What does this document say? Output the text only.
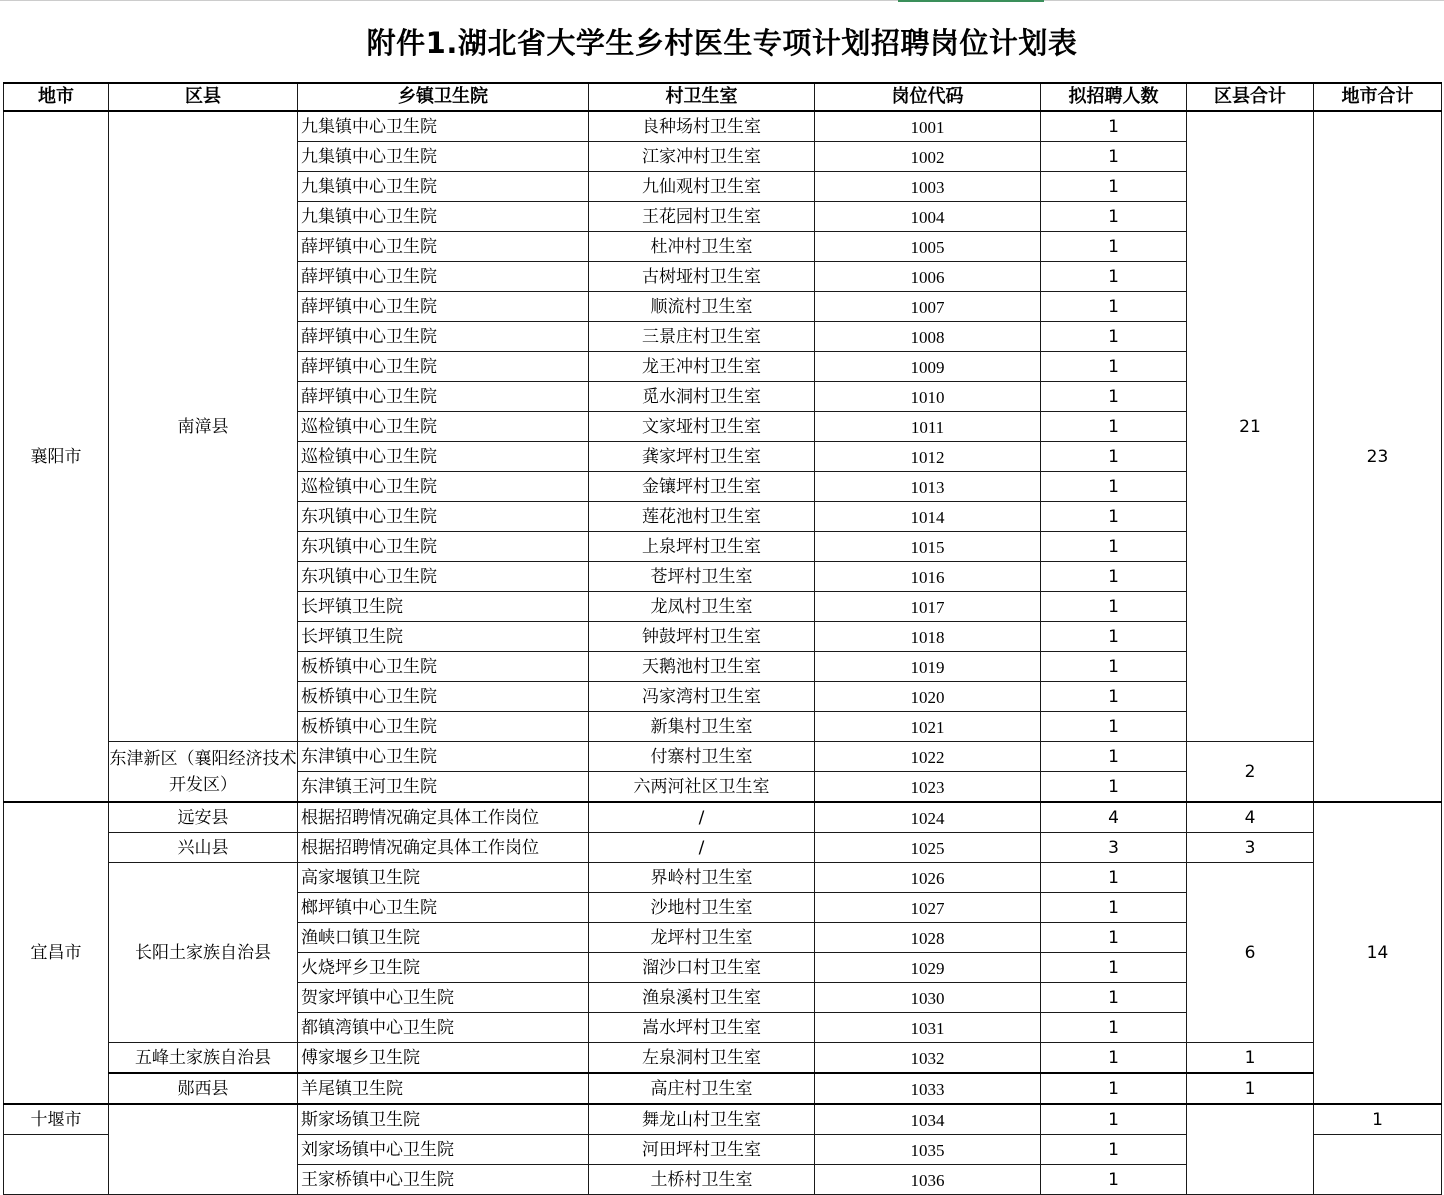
附件1.湖北省大学生乡村医生专项计划招聘岗位计划表
地市	区县	乡镇卫生院	村卫生室	岗位代码	拟招聘人数	区县合计	地市合计
襄阳市	南漳县	九集镇中心卫生院	良种场村卫生室	1001	1	21	23
		九集镇中心卫生院	江家冲村卫生室	1002	1		
		九集镇中心卫生院	九仙观村卫生室	1003	1		
		九集镇中心卫生院	王花园村卫生室	1004	1		
		薛坪镇中心卫生院	杜冲村卫生室	1005	1		
		薛坪镇中心卫生院	古树垭村卫生室	1006	1		
		薛坪镇中心卫生院	顺流村卫生室	1007	1		
		薛坪镇中心卫生院	三景庄村卫生室	1008	1		
		薛坪镇中心卫生院	龙王冲村卫生室	1009	1		
		薛坪镇中心卫生院	觅水洞村卫生室	1010	1		
		巡检镇中心卫生院	文家垭村卫生室	1011	1		
		巡检镇中心卫生院	龚家坪村卫生室	1012	1		
		巡检镇中心卫生院	金镶坪村卫生室	1013	1		
		东巩镇中心卫生院	莲花池村卫生室	1014	1		
		东巩镇中心卫生院	上泉坪村卫生室	1015	1		
		东巩镇中心卫生院	苍坪村卫生室	1016	1		
		长坪镇卫生院	龙凤村卫生室	1017	1		
		长坪镇卫生院	钟鼓坪村卫生室	1018	1		
		板桥镇中心卫生院	天鹅池村卫生室	1019	1		
		板桥镇中心卫生院	冯家湾村卫生室	1020	1		
		板桥镇中心卫生院	新集村卫生室	1021	1		
	东津新区（襄阳经济技术开发区）	东津镇中心卫生院	付寨村卫生室	1022	1	2	
		东津镇王河卫生院	六两河社区卫生室	1023	1		
宜昌市	远安县	根据招聘情况确定具体工作岗位	/	1024	4	4	14
	兴山县	根据招聘情况确定具体工作岗位	/	1025	3	3	
	长阳土家族自治县	高家堰镇卫生院	界岭村卫生室	1026	1	6	
		榔坪镇中心卫生院	沙地村卫生室	1027	1		
		渔峡口镇卫生院	龙坪村卫生室	1028	1		
		火烧坪乡卫生院	溜沙口村卫生室	1029	1		
		贺家坪镇中心卫生院	渔泉溪村卫生室	1030	1		
		都镇湾镇中心卫生院	嵩水坪村卫生室	1031	1		
	五峰土家族自治县	傅家堰乡卫生院	左泉洞村卫生室	1032	1	1	
	郧西县	羊尾镇卫生院	高庄村卫生室	1033	1	1	
十堰市		斯家场镇卫生院	舞龙山村卫生室	1034	1		1
		刘家场镇中心卫生院	河田坪村卫生室	1035	1		
		王家桥镇中心卫生院	土桥村卫生室	1036	1		
